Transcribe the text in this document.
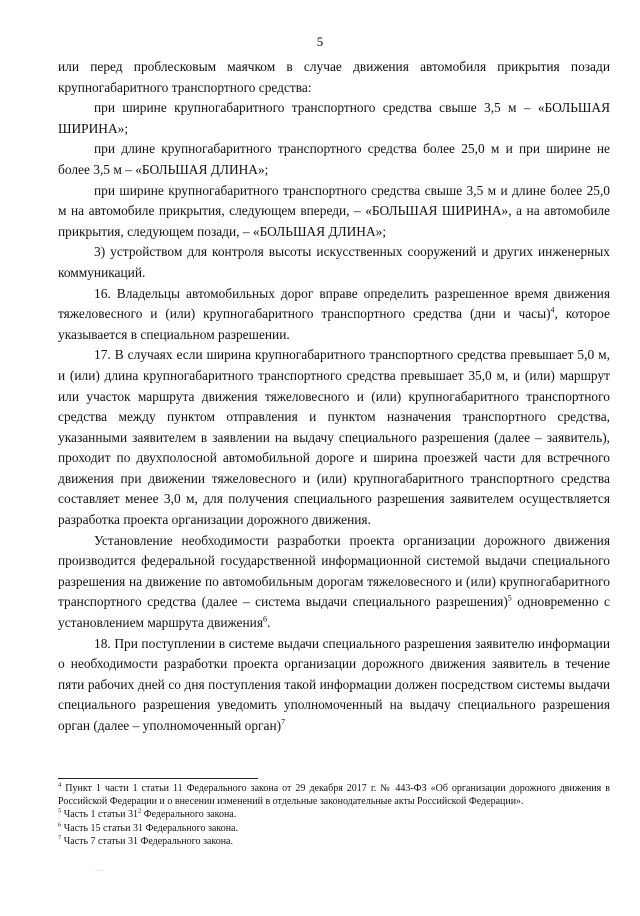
5

или перед проблесковым маячком в случае движения автомобиля прикрытия позади крупногабаритного транспортного средства:

при ширине крупногабаритного транспортного средства свыше 3,5 м – «БОЛЬШАЯ ШИРИНА»;

при длине крупногабаритного транспортного средства более 25,0 м и при ширине не более 3,5 м – «БОЛЬШАЯ ДЛИНА»;

при ширине крупногабаритного транспортного средства свыше 3,5 м и длине более 25,0 м на автомобиле прикрытия, следующем впереди, – «БОЛЬШАЯ ШИРИНА», а на автомобиле прикрытия, следующем позади, – «БОЛЬШАЯ ДЛИНА»;

3) устройством для контроля высоты искусственных сооружений и других инженерных коммуникаций.

16. Владельцы автомобильных дорог вправе определить разрешенное время движения тяжеловесного и (или) крупногабаритного транспортного средства (дни и часы)$^4$, которое указывается в специальном разрешении.

17. В случаях если ширина крупногабаритного транспортного средства превышает 5,0 м, и (или) длина крупногабаритного транспортного средства превышает 35,0 м, и (или) маршрут или участок маршрута движения тяжеловесного и (или) крупногабаритного транспортного средства между пунктом отправления и пунктом назначения транспортного средства, указанными заявителем в заявлении на выдачу специального разрешения (далее – заявитель), проходит по двухполосной автомобильной дороге и ширина проезжей части для встречного движения при движении тяжеловесного и (или) крупногабаритного транспортного средства составляет менее 3,0 м, для получения специального разрешения заявителем осуществляется разработка проекта организации дорожного движения.

Установление необходимости разработки проекта организации дорожного движения производится федеральной государственной информационной системой выдачи специального разрешения на движение по автомобильным дорогам тяжеловесного и (или) крупногабаритного транспортного средства (далее – система выдачи специального разрешения)$^5$ одновременно с установлением маршрута движения$^6$.

18. При поступлении в системе выдачи специального разрешения заявителю информации о необходимости разработки проекта организации дорожного движения заявитель в течение пяти рабочих дней со дня поступления такой информации должен посредством системы выдачи специального разрешения уведомить уполномоченный на выдачу специального разрешения орган (далее – уполномоченный орган)$^7$

$^4$ Пункт 1 части 1 статьи 11 Федерального закона от 29 декабря 2017 г. № 443-ФЗ «Об организации дорожного движения в Российской Федерации и о внесении изменений в отдельные законодательные акты Российской Федерации».

$^5$ Часть 1 статьи $31^2$ Федерального закона.

$^6$ Часть 15 статьи 31 Федерального закона.

$^7$ Часть 7 статьи 31 Федерального закона.

· · ·
